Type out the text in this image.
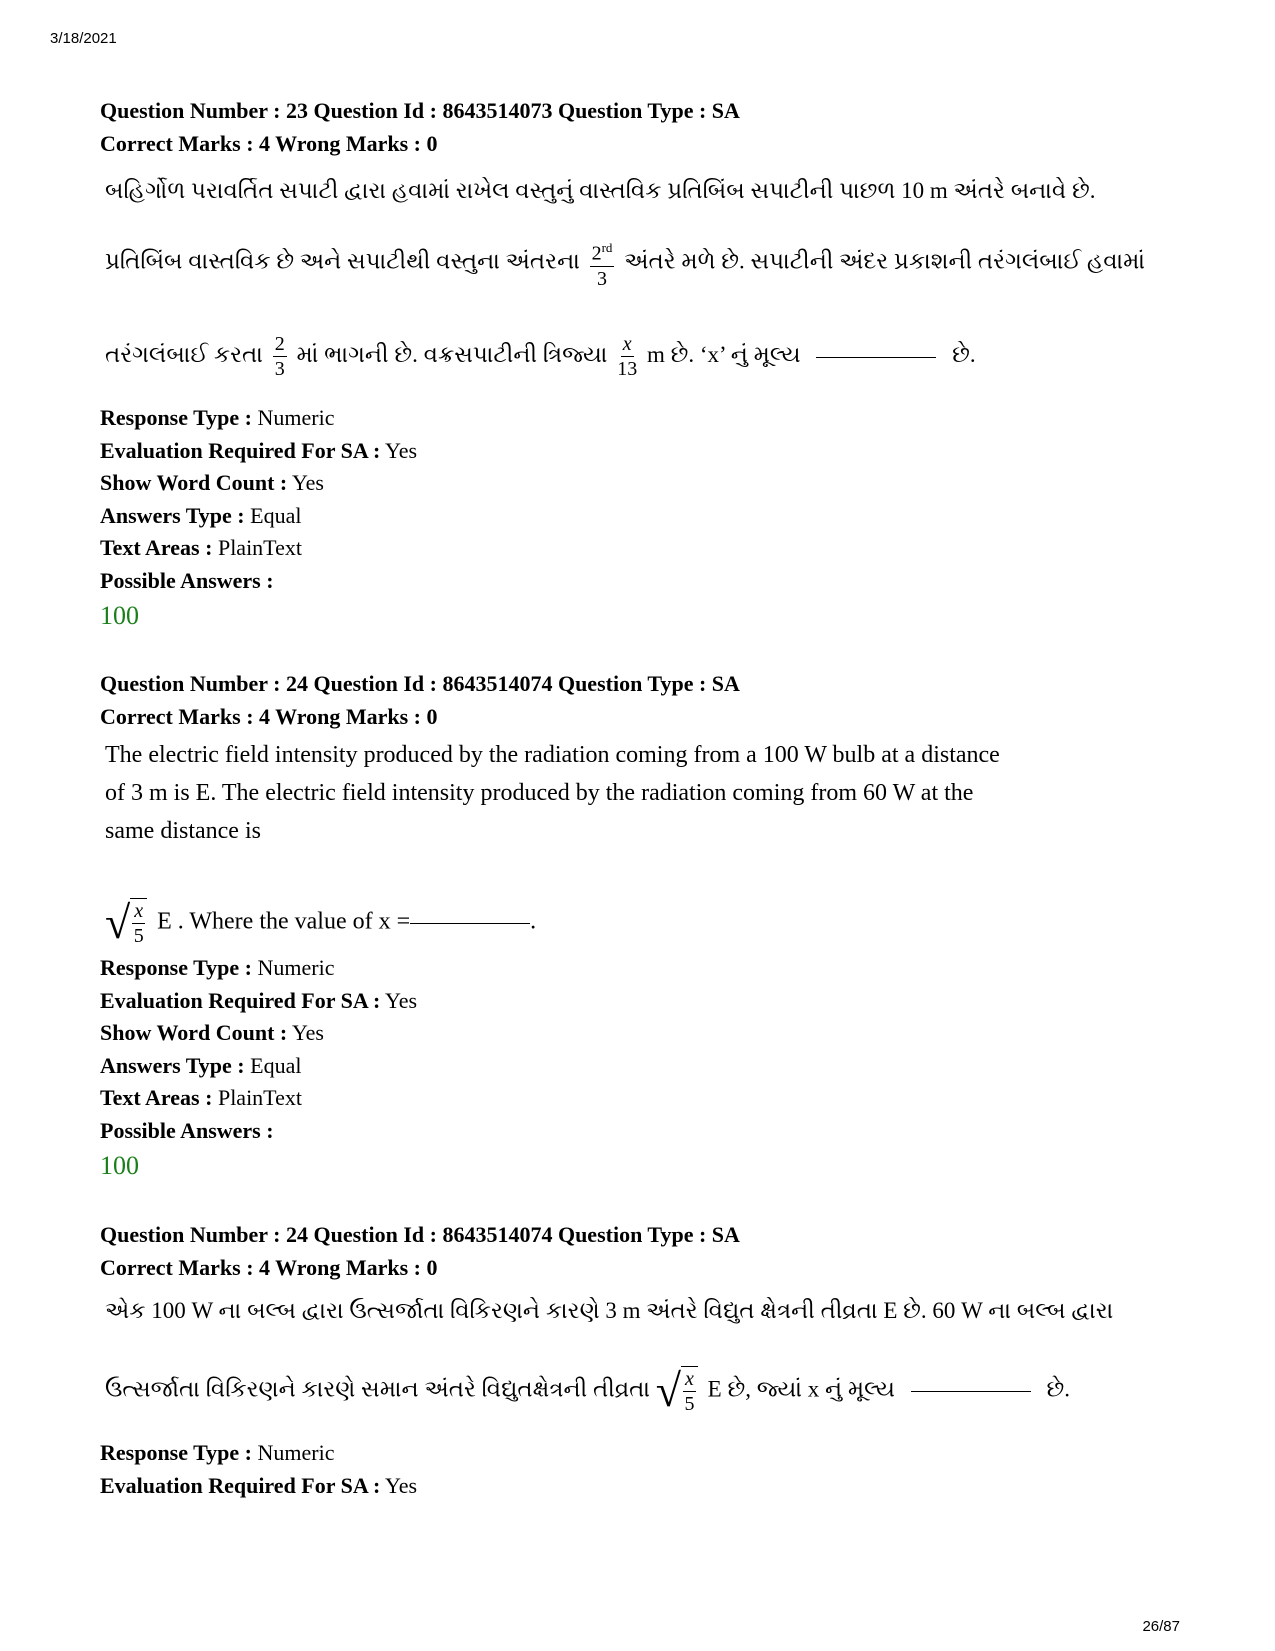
3/18/2021
Question Number : 23 Question Id : 8643514073 Question Type : SA
Correct Marks : 4 Wrong Marks : 0
બહિર્ગોળ પરાવર્તિત સપાટી દ્વારા હવામાં રાખેલ વસ્તુનું વાસ્તવિક પ્રતિબિંબ સપાટીની પાછળ 10 m અંતરે બનાવે છે.
પ્રતિબિંબ વાસ્તવિક છે અને સપાટીથી વસ્તુના અંતરના $\frac{2^{rd}}{3}$ અંતરે મળે છે. સપાટીની અંદર પ્રકાશની તરંગલંબાઈ હવામાં
તરંગલંબાઈ કરતા $\frac{2}{3}$ માં ભાગની છે. વક્રસપાટીની ત્રિજ્યા $\frac{x}{13}$ m છે. ‘x’ નું મૂલ્ય	છે.
Response Type : Numeric
Evaluation Required For SA : Yes
Show Word Count : Yes
Answers Type : Equal
Text Areas : PlainText
Possible Answers :
100
Question Number : 24 Question Id : 8643514074 Question Type : SA
Correct Marks : 4 Wrong Marks : 0
The electric field intensity produced by the radiation coming from a 100 W bulb at a distance
of 3 m is E. The electric field intensity produced by the radiation coming from 60 W at the
same distance is
√ $\frac{x}{5}$ E . Where the value of x =	.
Response Type : Numeric
Evaluation Required For SA : Yes
Show Word Count : Yes
Answers Type : Equal
Text Areas : PlainText
Possible Answers :
100
Question Number : 24 Question Id : 8643514074 Question Type : SA
Correct Marks : 4 Wrong Marks : 0
એક 100 W ના બલ્બ દ્વારા ઉત્સર્જાતા વિકિરણને કારણે 3 m અંતરે વિદ્યુત ક્ષેત્રની તીવ્રતા E છે. 60 W ના બલ્બ દ્વારા
ઉત્સર્જાતા વિકિરણને કારણે સમાન અંતરે વિદ્યુતક્ષેત્રની તીવ્રતા √ $\frac{x}{5}$ E છે, જ્યાં x નું મૂલ્ય	છે.
Response Type : Numeric
Evaluation Required For SA : Yes
26/87
